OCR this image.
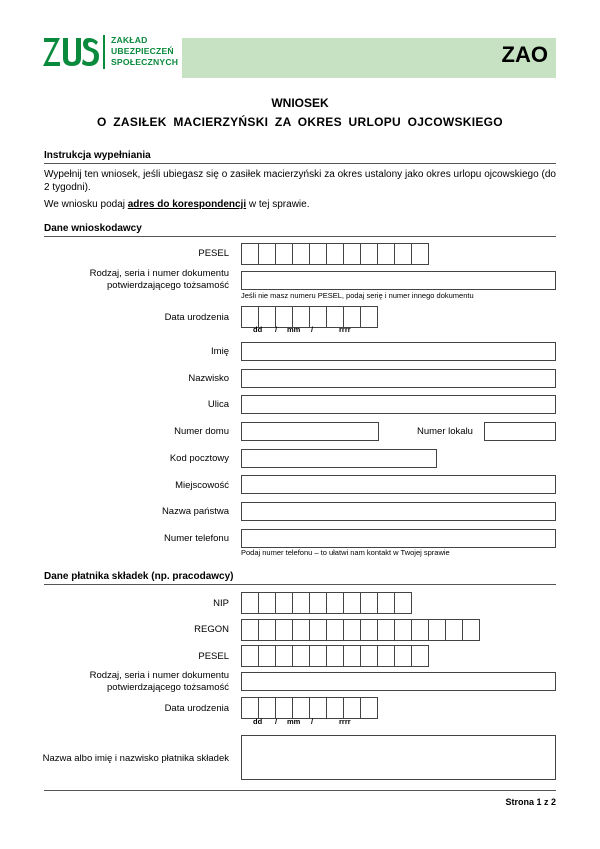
ZAKŁAD
UBEZPIECZEŃ
SPOŁECZNYCH	ZAO
WNIOSEK
O ZASIŁEK MACIERZYŃSKI ZA OKRES URLOPU OJCOWSKIEGO
Instrukcja wypełniania
Wypełnij ten wniosek, jeśli ubiegasz się o zasiłek macierzyński za okres ustalony jako okres urlopu ojcowskiego (do 2 tygodni).
We wniosku podaj adres do korespondencji w tej sprawie.
Dane wnioskodawcy
PESEL
Rodzaj, seria i numer dokumentu
potwierdzającego tożsamość
Jeśli nie masz numeru PESEL, podaj serię i numer innego dokumentu
Data urodzenia
dd / mm /	rrrr
Imię
Nazwisko
Ulica
Numer domu	Numer lokalu
Kod pocztowy
Miejscowość
Nazwa państwa
Numer telefonu
Podaj numer telefonu – to ułatwi nam kontakt w Twojej sprawie
Dane płatnika składek (np. pracodawcy)
NIP
REGON
PESEL
Rodzaj, seria i numer dokumentu
potwierdzającego tożsamość
Data urodzenia
dd / mm /	rrrr
Nazwa albo imię i nazwisko płatnika składek
Strona 1 z 2
